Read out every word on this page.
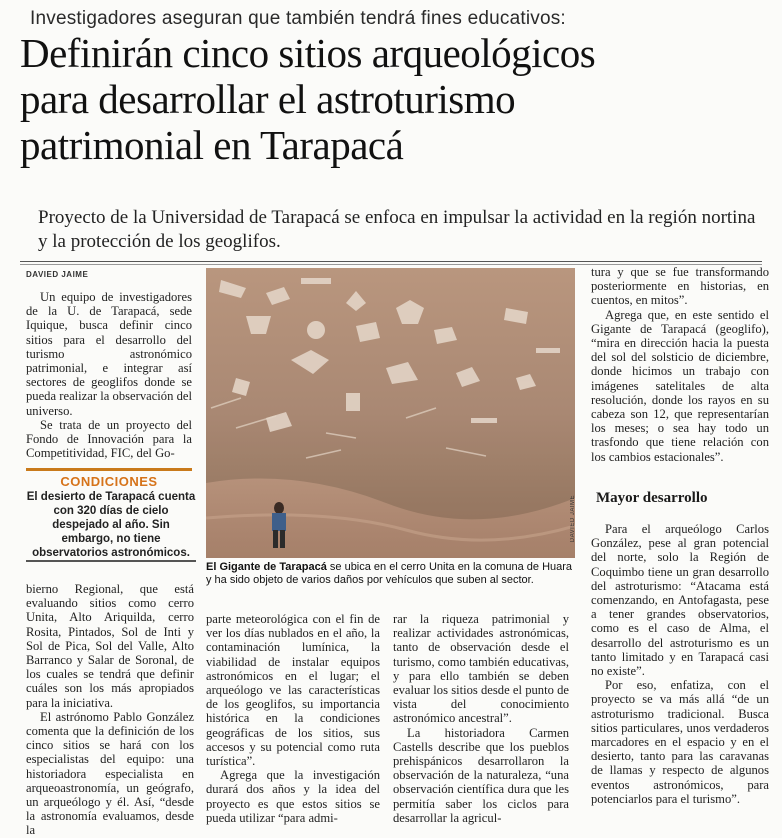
Investigadores aseguran que también tendrá fines educativos:
Definirán cinco sitios arqueológicos
para desarrollar el astroturismo
patrimonial en Tarapacá
Proyecto de la Universidad de Tarapacá se enfoca en impulsar la actividad en la región nortina y la protección de los geoglifos.
DAVIED JAIME

Un equipo de investigadores de la U. de Tarapacá, sede Iquique, busca definir cinco sitios para el desarrollo del turismo astronómico patrimonial, e integrar así sectores de geoglifos donde se pueda realizar la observación del universo.

Se trata de un proyecto del Fondo de Innovación para la Competitividad, FIC, del Go-

CONDICIONES
El desierto de Tarapacá cuenta con 320 días de cielo despejado al año. Sin embargo, no tiene observatorios astronómicos.
DAVIED JAIME
El Gigante de Tarapacá se ubica en el cerro Unita en la comuna de Huara y ha sido objeto de varios daños por vehículos que suben al sector.

bierno Regional, que está evaluando sitios como cerro Unita, Alto Ariquilda, cerro Rosita, Pintados, Sol de Inti y Sol de Pica, Sol del Valle, Alto Barranco y Salar de Soronal, de los cuales se tendrá que definir cuáles son los más apropiados para la iniciativa.

El astrónomo Pablo González comenta que la definición de los cinco sitios se hará con los especialistas del equipo: una historiadora especialista en arqueoastronomía, un geógrafo, un arqueólogo y él. Así, “desde la astronomía evaluamos, desde la

parte meteorológica con el fin de ver los días nublados en el año, la contaminación lumínica, la viabilidad de instalar equipos astronómicos en el lugar; el arqueólogo ve las características de los geoglifos, su importancia histórica en la condiciones geográficas de los sitios, sus accesos y su potencial como ruta turística”.

Agrega que la investigación durará dos años y la idea del proyecto es que estos sitios se pueda utilizar “para admi-

rar la riqueza patrimonial y realizar actividades astronómicas, tanto de observación desde el turismo, como también educativas, y para ello también se deben evaluar los sitios desde el punto de vista del conocimiento astronómico ancestral”.

La historiadora Carmen Castells describe que los pueblos prehispánicos desarrollaron la observación de la naturaleza, “una observación científica dura que les permitía saber los ciclos para desarrollar la agricul-

tura y que se fue transformando posteriormente en historias, en cuentos, en mitos”.

Agrega que, en este sentido el Gigante de Tarapacá (geoglifo), “mira en dirección hacia la puesta del sol del solsticio de diciembre, donde hicimos un trabajo con imágenes satelitales de alta resolución, donde los rayos en su cabeza son 12, que representarían los meses; o sea hay todo un trasfondo que tiene relación con los cambios estacionales”.

Mayor desarrollo

Para el arqueólogo Carlos González, pese al gran potencial del norte, solo la Región de Coquimbo tiene un gran desarrollo del astroturismo: “Atacama está comenzando, en Antofagasta, pese a tener grandes observatorios, como es el caso de Alma, el desarrollo del astroturismo es un tanto limitado y en Tarapacá casi no existe”.

Por eso, enfatiza, con el proyecto se va más allá “de un astroturismo tradicional. Busca sitios particulares, unos verdaderos marcadores en el espacio y en el desierto, tanto para las caravanas de llamas y respecto de algunos eventos astronómicos, para potenciarlos para el turismo”.
